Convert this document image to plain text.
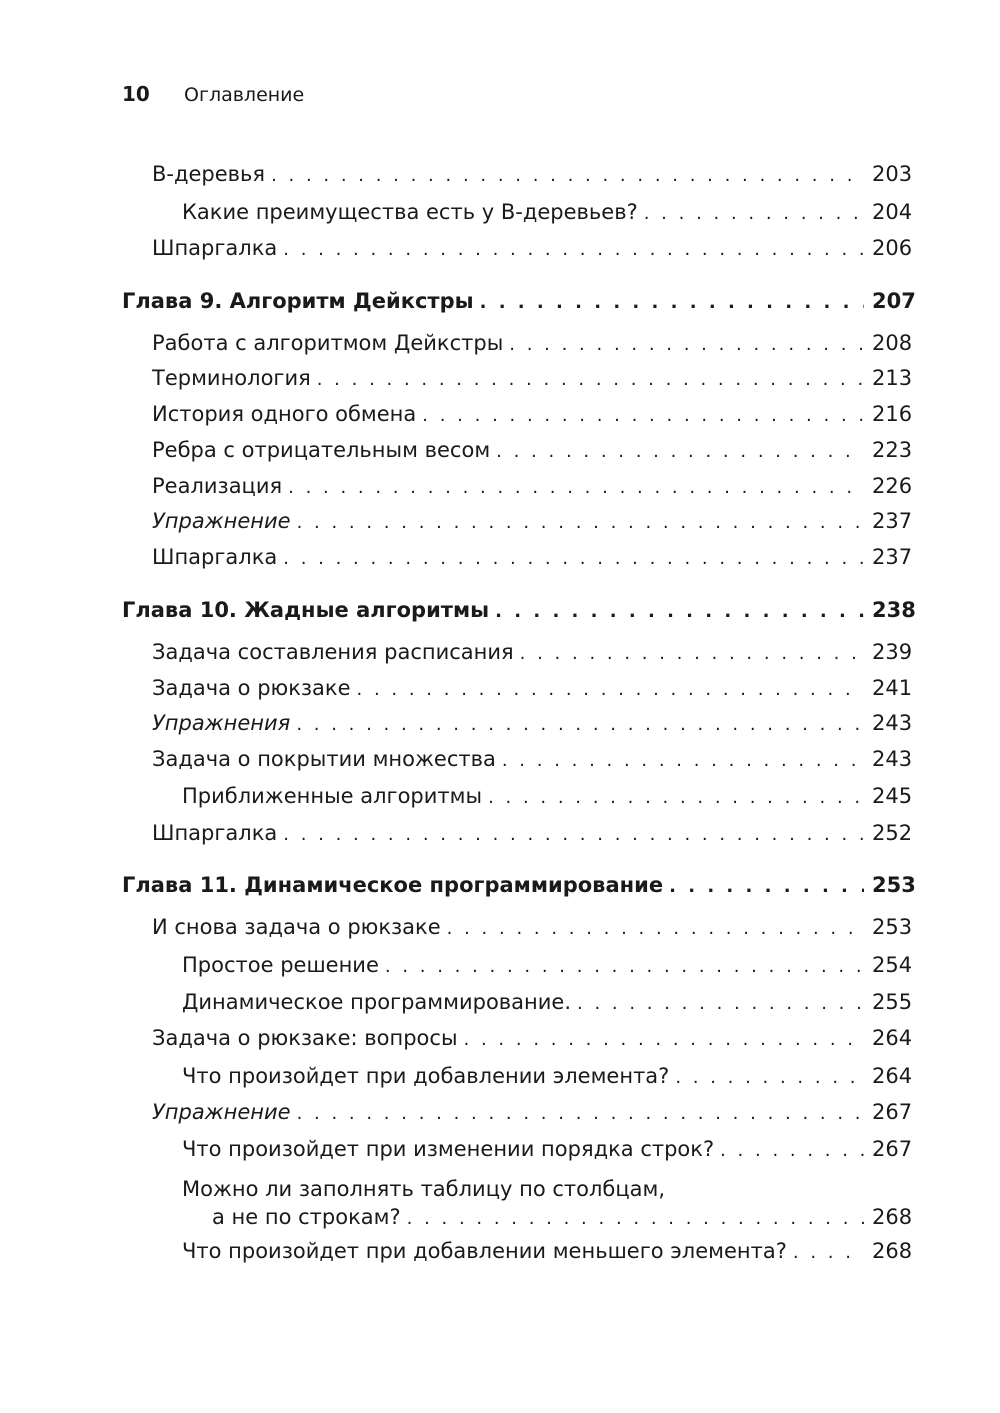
10 Оглавление
B-деревья . . .	203
Какие преимущества есть у B-деревьев? . . .	204
Шпаргалка . . .	206
Глава 9. Алгоритм Дейкстры . . .	207
Работа с алгоритмом Дейкстры . . .	208
Терминология . . .	213
История одного обмена . . .	216
Ребра с отрицательным весом . . .	223
Реализация . . .	226
Упражнение . . .	237
Шпаргалка . . .	237
Глава 10. Жадные алгоритмы . . .	238
Задача составления расписания . . .	239
Задача о рюкзаке . . .	241
Упражнения . . .	243
Задача о покрытии множества . . .	243
Приближенные алгоритмы . . .	245
Шпаргалка . . .	252
Глава 11. Динамическое программирование . . .	253
И снова задача о рюкзаке . . .	253
Простое решение . . .	254
Динамическое программирование. . . .	255
Задача о рюкзаке: вопросы . . .	264
Что произойдет при добавлении элемента? . . .	264
Упражнение . . .	267
Что произойдет при изменении порядка строк? . . .	267
Можно ли заполнять таблицу по столбцам,
а не по строкам? . . .	268
Что произойдет при добавлении меньшего элемента? . . .	268
